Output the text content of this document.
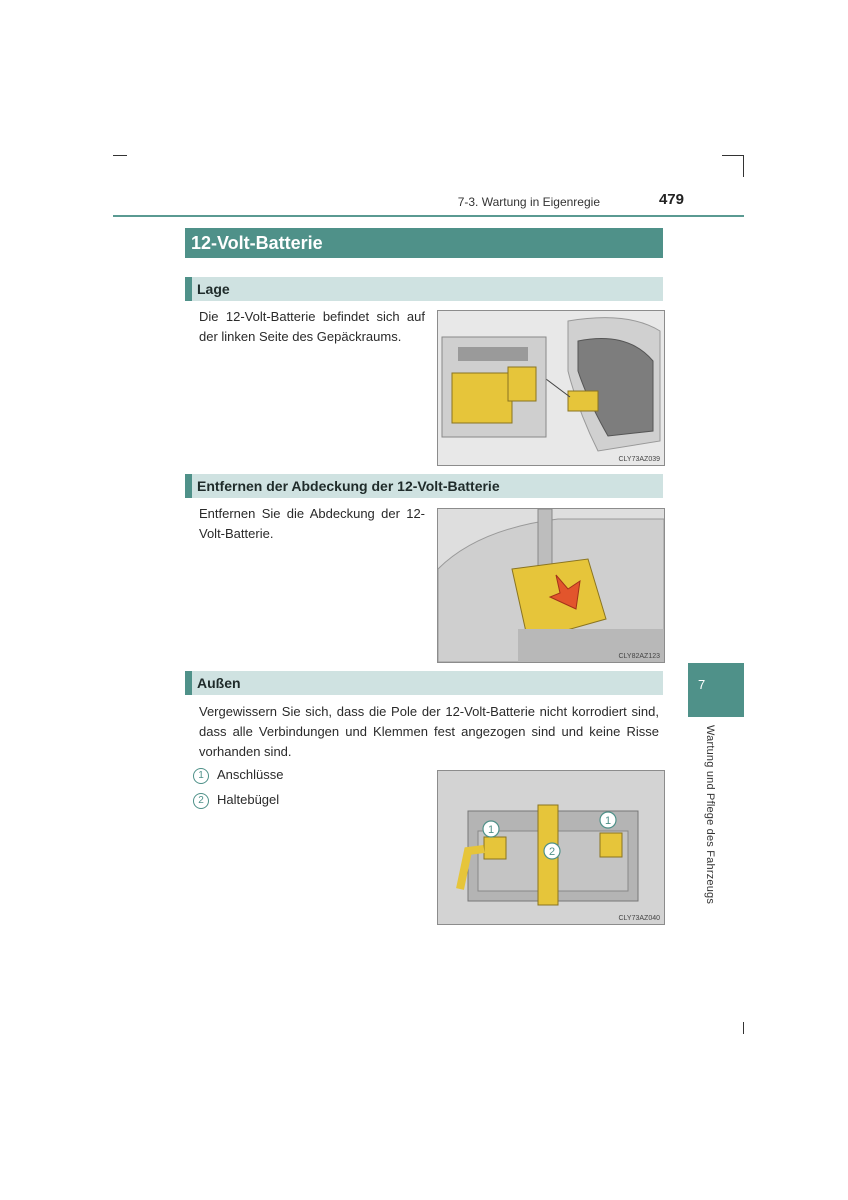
7-3. Wartung in Eigenregie	479
12-Volt-Batterie
Lage
Die 12-Volt-Batterie befindet sich auf der linken Seite des Gepäckraums.
CLY73AZ039
Entfernen der Abdeckung der 12-Volt-Batterie
Entfernen Sie die Abdeckung der 12-Volt-Batterie.
CLY82AZ123
Außen
Vergewissern Sie sich, dass die Pole der 12-Volt-Batterie nicht korrodiert sind, dass alle Verbindungen und Klemmen fest angezogen sind und keine Risse vorhanden sind.
1 Anschlüsse
2 Haltebügel
1
2
1
CLY73AZ040
7
Wartung und Pflege des Fahrzeugs
